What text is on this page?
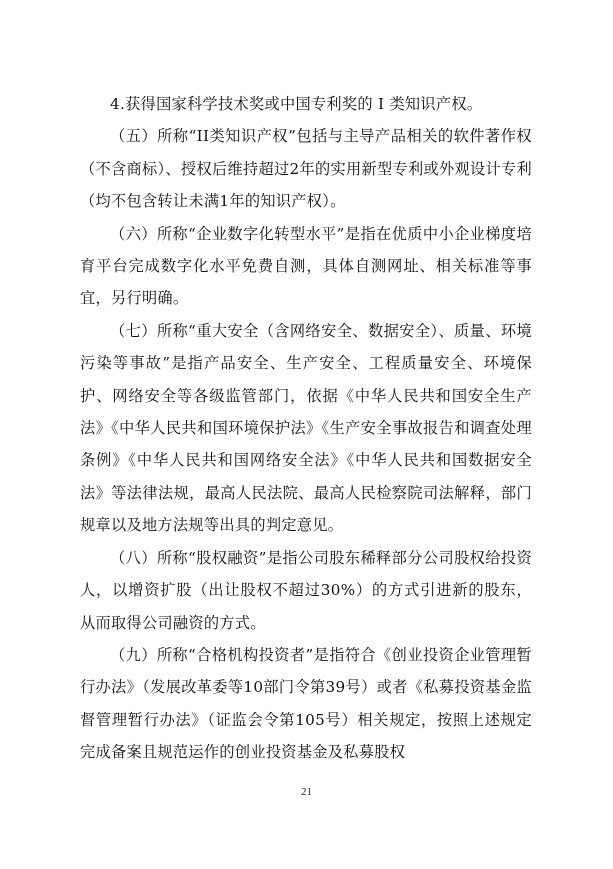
4.获得国家科学技术奖或中国专利奖的 I 类知识产权。

（五）所称“II类知识产权”包括与主导产品相关的软件著作权（不含商标）、授权后维持超过2年的实用新型专利或外观设计专利（均不包含转让未满1年的知识产权）。

（六）所称“企业数字化转型水平”是指在优质中小企业梯度培育平台完成数字化水平免费自测，具体自测网址、相关标准等事宜，另行明确。

（七）所称“重大安全（含网络安全、数据安全）、质量、环境污染等事故”是指产品安全、生产安全、工程质量安全、环境保护、网络安全等各级监管部门，依据《中华人民共和国安全生产法》《中华人民共和国环境保护法》《生产安全事故报告和调查处理条例》《中华人民共和国网络安全法》《中华人民共和国数据安全法》等法律法规，最高人民法院、最高人民检察院司法解释，部门规章以及地方法规等出具的判定意见。

（八）所称“股权融资”是指公司股东稀释部分公司股权给投资人，以增资扩股（出让股权不超过30%）的方式引进新的股东，从而取得公司融资的方式。

（九）所称“合格机构投资者”是指符合《创业投资企业管理暂行办法》（发展改革委等10部门令第39号）或者《私募投资基金监督管理暂行办法》（证监会令第105号）相关规定，按照上述规定完成备案且规范运作的创业投资基金及私募股权

21
